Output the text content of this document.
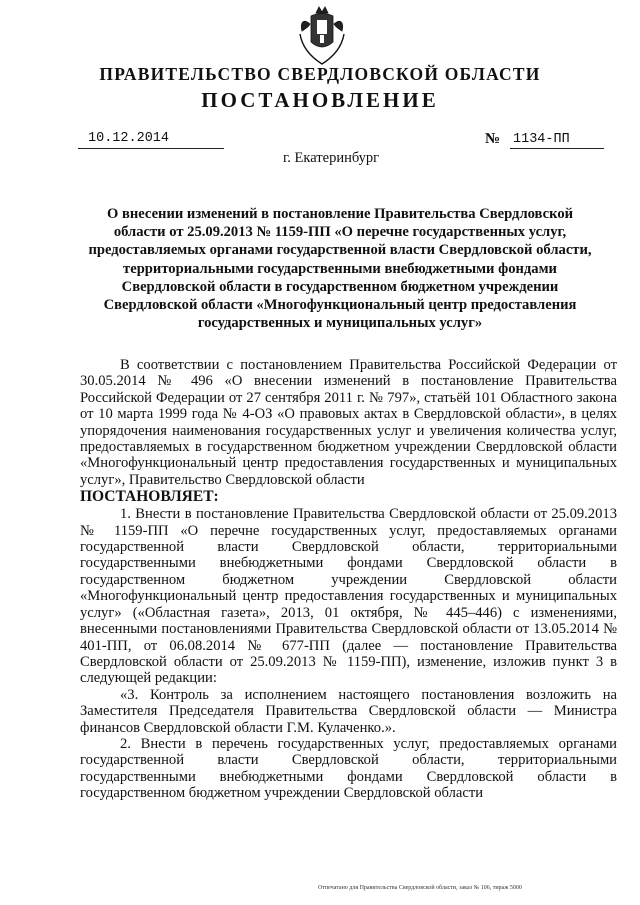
ПРАВИТЕЛЬСТВО СВЕРДЛОВСКОЙ ОБЛАСТИ
ПОСТАНОВЛЕНИЕ
10.12.2014	№ 1134-ПП
г. Екатеринбург
О внесении изменений в постановление Правительства Свердловской области от 25.09.2013 № 1159-ПП «О перечне государственных услуг, предоставляемых органами государственной власти Свердловской области, территориальными государственными внебюджетными фондами Свердловской области в государственном бюджетном учреждении Свердловской области «Многофункциональный центр предоставления государственных и муниципальных услуг»

В соответствии с постановлением Правительства Российской Федерации от 30.05.2014 № 496 «О внесении изменений в постановление Правительства Российской Федерации от 27 сентября 2011 г. № 797», статьёй 101 Областного закона от 10 марта 1999 года № 4-ОЗ «О правовых актах в Свердловской области», в целях упорядочения наименования государственных услуг и увеличения количества услуг, предоставляемых в государственном бюджетном учреждении Свердловской области «Многофункциональный центр предоставления государственных и муниципальных услуг», Правительство Свердловской области

ПОСТАНОВЛЯЕТ:

1. Внести в постановление Правительства Свердловской области от 25.09.2013 № 1159-ПП «О перечне государственных услуг, предоставляемых органами государственной власти Свердловской области, территориальными государственными внебюджетными фондами Свердловской области в государственном бюджетном учреждении Свердловской области «Многофункциональный центр предоставления государственных и муниципальных услуг» («Областная газета», 2013, 01 октября, № 445–446) с изменениями, внесенными постановлениями Правительства Свердловской области от 13.05.2014 № 401-ПП, от 06.08.2014 № 677-ПП (далее — постановление Правительства Свердловской области от 25.09.2013 № 1159-ПП), изменение, изложив пункт 3 в следующей редакции:

«3. Контроль за исполнением настоящего постановления возложить на Заместителя Председателя Правительства Свердловской области — Министра финансов Свердловской области Г.М. Кулаченко.».

2. Внести в перечень государственных услуг, предоставляемых органами государственной власти Свердловской области, территориальными государственными внебюджетными фондами Свердловской области в государственном бюджетном учреждении Свердловской области

Отпечатано для Правительства Свердловской области, заказ № 106, тираж 5000
